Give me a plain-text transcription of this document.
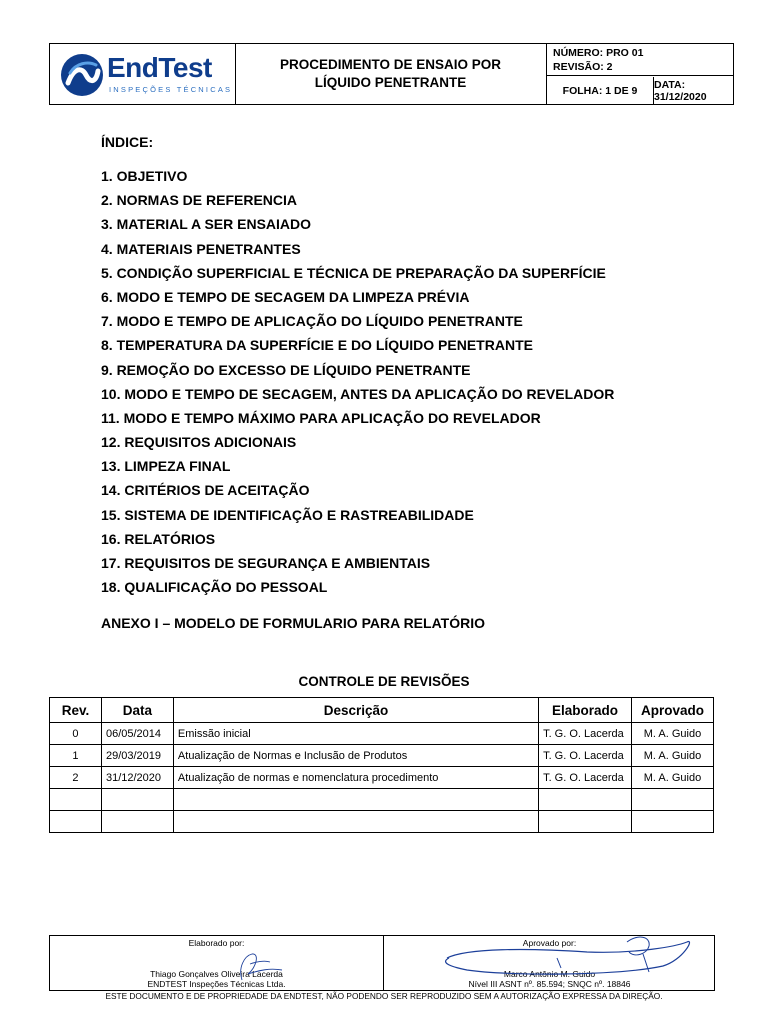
EndTest
INSPEÇÕES TÉCNICAS
PROCEDIMENTO DE ENSAIO POR
LÍQUIDO PENETRANTE
NÚMERO: PRO 01
REVISÃO: 2
FOLHA: 1 DE 9	DATA: 31/12/2020
ÍNDICE:
1. OBJETIVO
2. NORMAS DE REFERENCIA
3. MATERIAL A SER ENSAIADO
4. MATERIAIS PENETRANTES
5. CONDIÇÃO SUPERFICIAL E TÉCNICA DE PREPARAÇÃO DA SUPERFÍCIE
6. MODO E TEMPO DE SECAGEM DA LIMPEZA PRÉVIA
7. MODO E TEMPO DE APLICAÇÃO DO LÍQUIDO PENETRANTE
8. TEMPERATURA DA SUPERFÍCIE E DO LÍQUIDO PENETRANTE
9. REMOÇÃO DO EXCESSO DE LÍQUIDO PENETRANTE
10. MODO E TEMPO DE SECAGEM, ANTES DA APLICAÇÃO DO REVELADOR
11. MODO E TEMPO MÁXIMO PARA APLICAÇÃO DO REVELADOR
12. REQUISITOS ADICIONAIS
13. LIMPEZA FINAL
14. CRITÉRIOS DE ACEITAÇÃO
15. SISTEMA DE IDENTIFICAÇÃO E RASTREABILIDADE
16. RELATÓRIOS
17. REQUISITOS DE SEGURANÇA E AMBIENTAIS
18. QUALIFICAÇÃO DO PESSOAL
ANEXO I – MODELO DE FORMULARIO PARA RELATÓRIO
CONTROLE DE REVISÕES
Rev.	Data	Descrição	Elaborado	Aprovado
0	06/05/2014	Emissão inicial	T. G. O. Lacerda	M. A. Guido
1	29/03/2019	Atualização de Normas e Inclusão de Produtos	T. G. O. Lacerda	M. A. Guido
2	31/12/2020	Atualização de normas e nomenclatura procedimento	T. G. O. Lacerda	M. A. Guido

Elaborado por:
Thiago Gonçalves Oliveira Lacerda
ENDTEST Inspeções Técnicas Ltda.
Aprovado por:
Marco Antônio M. Guido
Nível III ASNT nº. 85.594; SNQC nº. 18846
ESTE DOCUMENTO E DE PROPRIEDADE DA ENDTEST, NÃO PODENDO SER REPRODUZIDO SEM A AUTORIZAÇÃO EXPRESSA DA DIREÇÃO.
